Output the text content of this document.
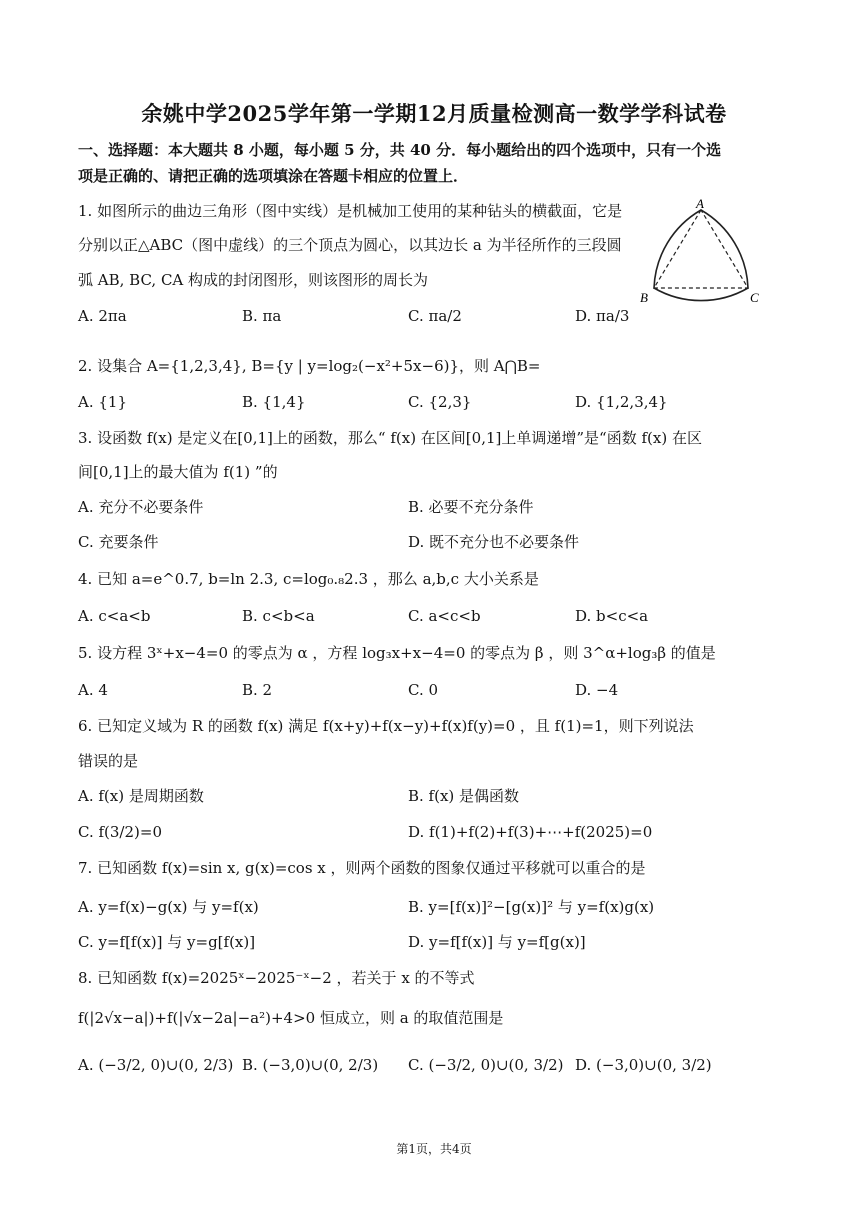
余姚中学2025学年第一学期12月质量检测高一数学学科试卷
一、选择题：本大题共 8 小题，每小题 5 分，共 40 分．每小题给出的四个选项中，只有一个选
项是正确的、请把正确的选项填涂在答题卡相应的位置上．
1. 如图所示的曲边三角形（图中实线）是机械加工使用的某种钻头的横截面，它是
分别以正△ABC（图中虚线）的三个顶点为圆心，以其边长 a 为半径所作的三段圆
弧 AB, BC, CA 构成的封闭图形，则该图形的周长为
A. 2πa	B. πa	C. πa/2	D. πa/3
A
B	C
2. 设集合 A={1,2,3,4}, B={y | y=log₂(−x²+5x−6)}，则 A⋂B=
A. {1}	B. {1,4}	C. {2,3}	D. {1,2,3,4}
3. 设函数 f(x) 是定义在[0,1]上的函数，那么“ f(x) 在区间[0,1]上单调递增”是“函数 f(x) 在区
间[0,1]上的最大值为 f(1) ”的
A. 充分不必要条件	B. 必要不充分条件
C. 充要条件	D. 既不充分也不必要条件
4. 已知 a=e^0.7, b=ln 2.3, c=log₀.₈2.3 ，那么 a,b,c 大小关系是
A. c<a<b	B. c<b<a	C. a<c<b	D. b<c<a
5. 设方程 3ˣ+x−4=0 的零点为 α ，方程 log₃x+x−4=0 的零点为 β ，则 3^α+log₃β 的值是
A. 4	B. 2	C. 0	D. −4
6. 已知定义域为 R 的函数 f(x) 满足 f(x+y)+f(x−y)+f(x)f(y)=0 ，且 f(1)=1，则下列说法
错误的是
A. f(x) 是周期函数	B. f(x) 是偶函数
C. f(3/2)=0	D. f(1)+f(2)+f(3)+⋯+f(2025)=0
7. 已知函数 f(x)=sin x, g(x)=cos x ，则两个函数的图象仅通过平移就可以重合的是
A. y=f(x)−g(x) 与 y=f(x)	B. y=[f(x)]²−[g(x)]² 与 y=f(x)g(x)
C. y=f[f(x)] 与 y=g[f(x)]	D. y=f[f(x)] 与 y=f[g(x)]
8. 已知函数 f(x)=2025ˣ−2025⁻ˣ−2 ，若关于 x 的不等式
f(|2√x−a|)+f(|√x−2a|−a²)+4>0 恒成立，则 a 的取值范围是
A. (−3/2, 0)∪(0, 2/3) B. (−3,0)∪(0, 2/3) C. (−3/2, 0)∪(0, 3/2) D. (−3,0)∪(0, 3/2)
第1页，共4页
